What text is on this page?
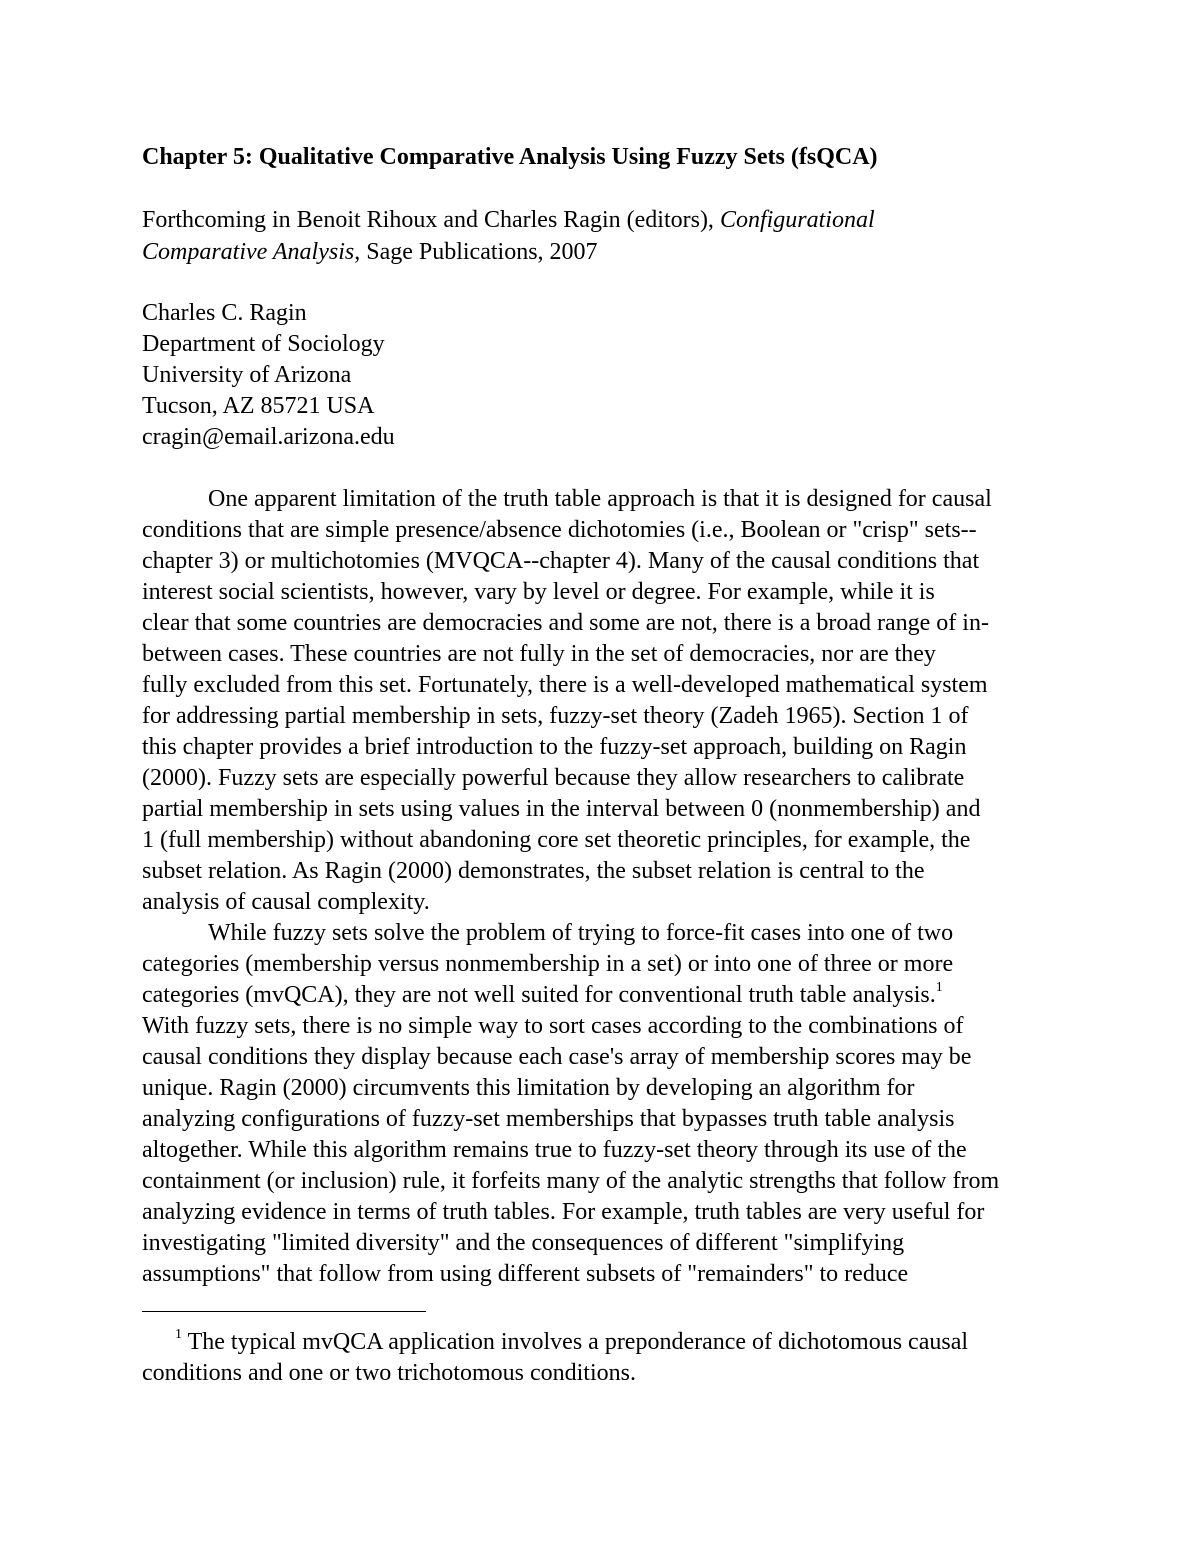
Chapter 5: Qualitative Comparative Analysis Using Fuzzy Sets (fsQCA)
Forthcoming in Benoit Rihoux and Charles Ragin (editors), Configurational
Comparative Analysis, Sage Publications, 2007
Charles C. Ragin
Department of Sociology
University of Arizona
Tucson, AZ 85721 USA
cragin@email.arizona.edu
One apparent limitation of the truth table approach is that it is designed for causal
conditions that are simple presence/absence dichotomies (i.e., Boolean or "crisp" sets--
chapter 3) or multichotomies (MVQCA--chapter 4). Many of the causal conditions that
interest social scientists, however, vary by level or degree. For example, while it is
clear that some countries are democracies and some are not, there is a broad range of in-
between cases. These countries are not fully in the set of democracies, nor are they
fully excluded from this set. Fortunately, there is a well-developed mathematical system
for addressing partial membership in sets, fuzzy-set theory (Zadeh 1965). Section 1 of
this chapter provides a brief introduction to the fuzzy-set approach, building on Ragin
(2000). Fuzzy sets are especially powerful because they allow researchers to calibrate
partial membership in sets using values in the interval between 0 (nonmembership) and
1 (full membership) without abandoning core set theoretic principles, for example, the
subset relation. As Ragin (2000) demonstrates, the subset relation is central to the
analysis of causal complexity.
While fuzzy sets solve the problem of trying to force-fit cases into one of two
categories (membership versus nonmembership in a set) or into one of three or more
categories (mvQCA), they are not well suited for conventional truth table analysis.$^1$
With fuzzy sets, there is no simple way to sort cases according to the combinations of
causal conditions they display because each case's array of membership scores may be
unique. Ragin (2000) circumvents this limitation by developing an algorithm for
analyzing configurations of fuzzy-set memberships that bypasses truth table analysis
altogether. While this algorithm remains true to fuzzy-set theory through its use of the
containment (or inclusion) rule, it forfeits many of the analytic strengths that follow from
analyzing evidence in terms of truth tables. For example, truth tables are very useful for
investigating "limited diversity" and the consequences of different "simplifying
assumptions" that follow from using different subsets of "remainders" to reduce
$^1$ The typical mvQCA application involves a preponderance of dichotomous causal
conditions and one or two trichotomous conditions.
